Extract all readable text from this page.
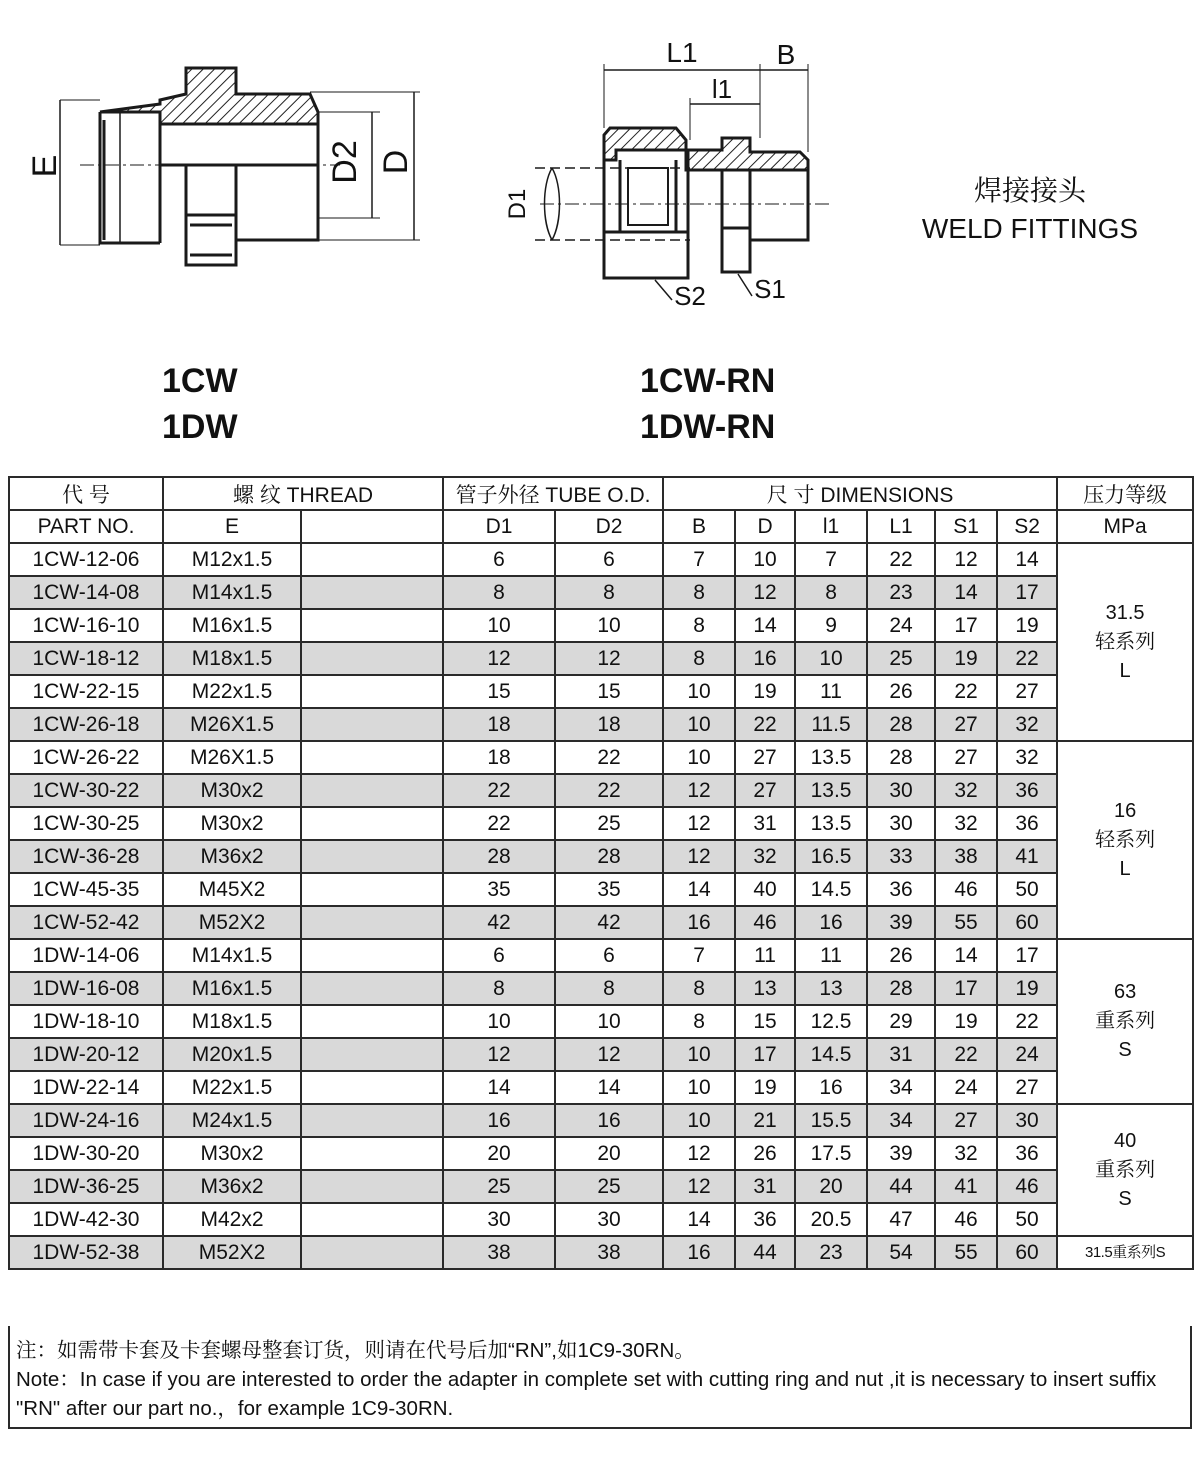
E	D2 D
L1	B
l1
D1
S2 S1
1CW
1DW
1CW-RN
1DW-RN
焊接接头
WELD FITTINGS
代 号	螺 纹 THREAD		管子外径 TUBE O.D.		尺 寸 DIMENSIONS						压力等级
PART NO.	E		D1	D2	B	D	l1	L1	S1	S2	MPa
1CW-12-06	M12x1.5		6	6	7	10	7	22	12	14	31.5
轻系列
L

1CW-14-08	M14x1.5		8	8	8	12	8	23	14	17	
1CW-16-10	M16x1.5		10	10	8	14	9	24	17	19	
1CW-18-12	M18x1.5		12	12	8	16	10	25	19	22	
1CW-22-15	M22x1.5		15	15	10	19	11	26	22	27	
1CW-26-18	M26X1.5		18	18	10	22	11.5	28	27	32	
1CW-26-22	M26X1.5		18	22	10	27	13.5	28	27	32	16
轻系列
L

1CW-30-22	M30x2		22	22	12	27	13.5	30	32	36	
1CW-30-25	M30x2		22	25	12	31	13.5	30	32	36	
1CW-36-28	M36x2		28	28	12	32	16.5	33	38	41	
1CW-45-35	M45X2		35	35	14	40	14.5	36	46	50	
1CW-52-42	M52X2		42	42	16	46	16	39	55	60	
1DW-14-06	M14x1.5		6	6	7	11	11	26	14	17	63
重系列
S

1DW-16-08	M16x1.5		8	8	8	13	13	28	17	19	
1DW-18-10	M18x1.5		10	10	8	15	12.5	29	19	22	
1DW-20-12	M20x1.5		12	12	10	17	14.5	31	22	24	
1DW-22-14	M22x1.5		14	14	10	19	16	34	24	27	
1DW-24-16	M24x1.5		16	16	10	21	15.5	34	27	30	40
重系列
S

1DW-30-20	M30x2		20	20	12	26	17.5	39	32	36	
1DW-36-25	M36x2		25	25	12	31	20	44	41	46	
1DW-42-30	M42x2		30	30	14	36	20.5	47	46	50	
1DW-52-38	M52X2		38	38	16	44	23	54	55	60	31.5重系列S
注：如需带卡套及卡套螺母整套订货，则请在代号后加“RN”,如1C9-30RN。
Note：In case if you are interested to order the adapter in complete set with cutting ring and nut ,it is necessary to insert suffix "RN" after our part no.，for example 1C9-30RN.
